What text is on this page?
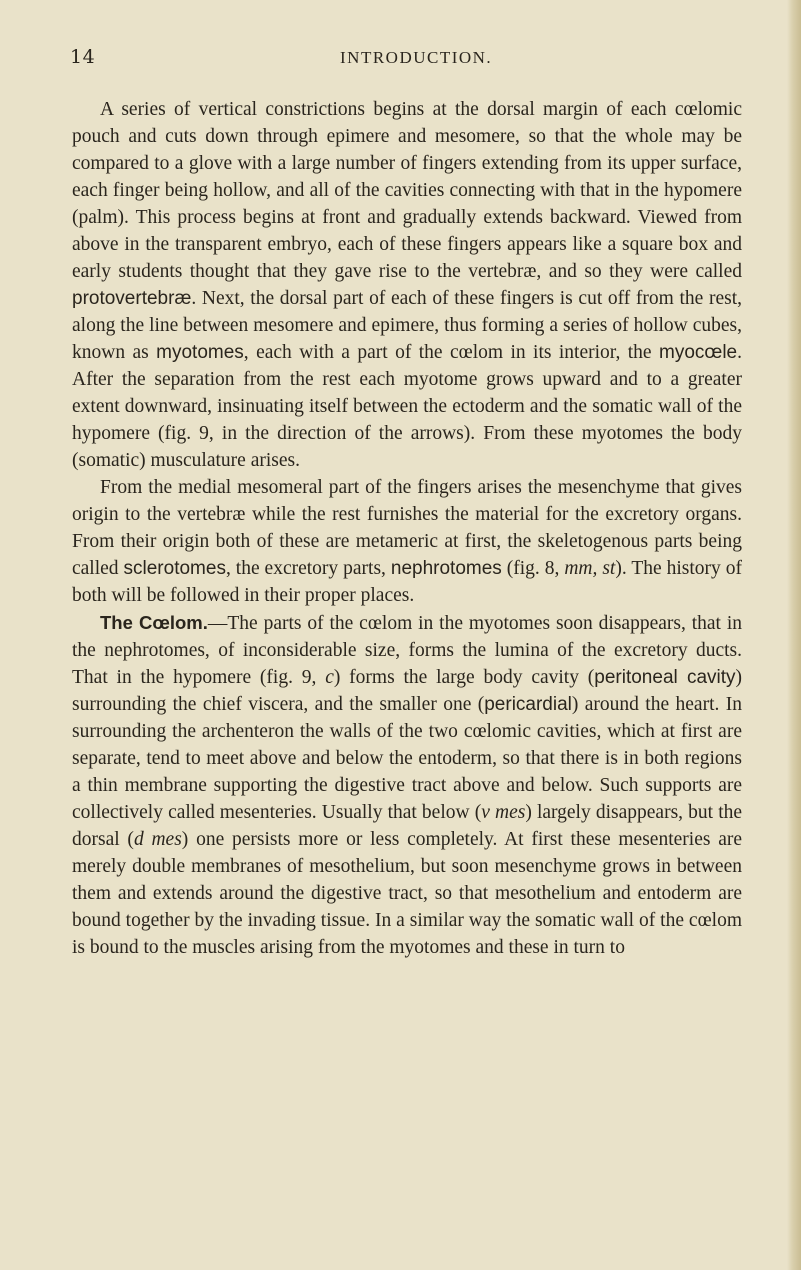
14	INTRODUCTION.

A series of vertical constrictions begins at the dorsal margin of each cœlomic pouch and cuts down through epimere and mesomere, so that the whole may be compared to a glove with a large number of fingers extending from its upper surface, each finger being hollow, and all of the cavities connecting with that in the hypomere (palm). This process begins at front and gradually extends backward. Viewed from above in the transparent embryo, each of these fingers appears like a square box and early students thought that they gave rise to the vertebræ, and so they were called protovertebræ. Next, the dorsal part of each of these fingers is cut off from the rest, along the line between mesomere and epimere, thus forming a series of hollow cubes, known as myotomes, each with a part of the cœlom in its interior, the myocœle. After the separation from the rest each myotome grows upward and to a greater extent downward, insinuating itself between the ectoderm and the somatic wall of the hypomere (fig. 9, in the direction of the arrows). From these myotomes the body (somatic) musculature arises.

From the medial mesomeral part of the fingers arises the mesenchyme that gives origin to the vertebræ while the rest furnishes the material for the excretory organs. From their origin both of these are metameric at first, the skeletogenous parts being called sclerotomes, the excretory parts, nephrotomes (fig. 8, mm, st). The history of both will be followed in their proper places.

The Cœlom.—The parts of the cœlom in the myotomes soon disappears, that in the nephrotomes, of inconsiderable size, forms the lumina of the excretory ducts. That in the hypomere (fig. 9, c) forms the large body cavity (peritoneal cavity) surrounding the chief viscera, and the smaller one (pericardial) around the heart. In surrounding the archenteron the walls of the two cœlomic cavities, which at first are separate, tend to meet above and below the entoderm, so that there is in both regions a thin membrane supporting the digestive tract above and below. Such supports are collectively called mesenteries. Usually that below (v mes) largely disappears, but the dorsal (d mes) one persists more or less completely. At first these mesenteries are merely double membranes of mesothelium, but soon mesenchyme grows in between them and extends around the digestive tract, so that mesothelium and entoderm are bound together by the invading tissue. In a similar way the somatic wall of the cœlom is bound to the muscles arising from the myotomes and these in turn to
